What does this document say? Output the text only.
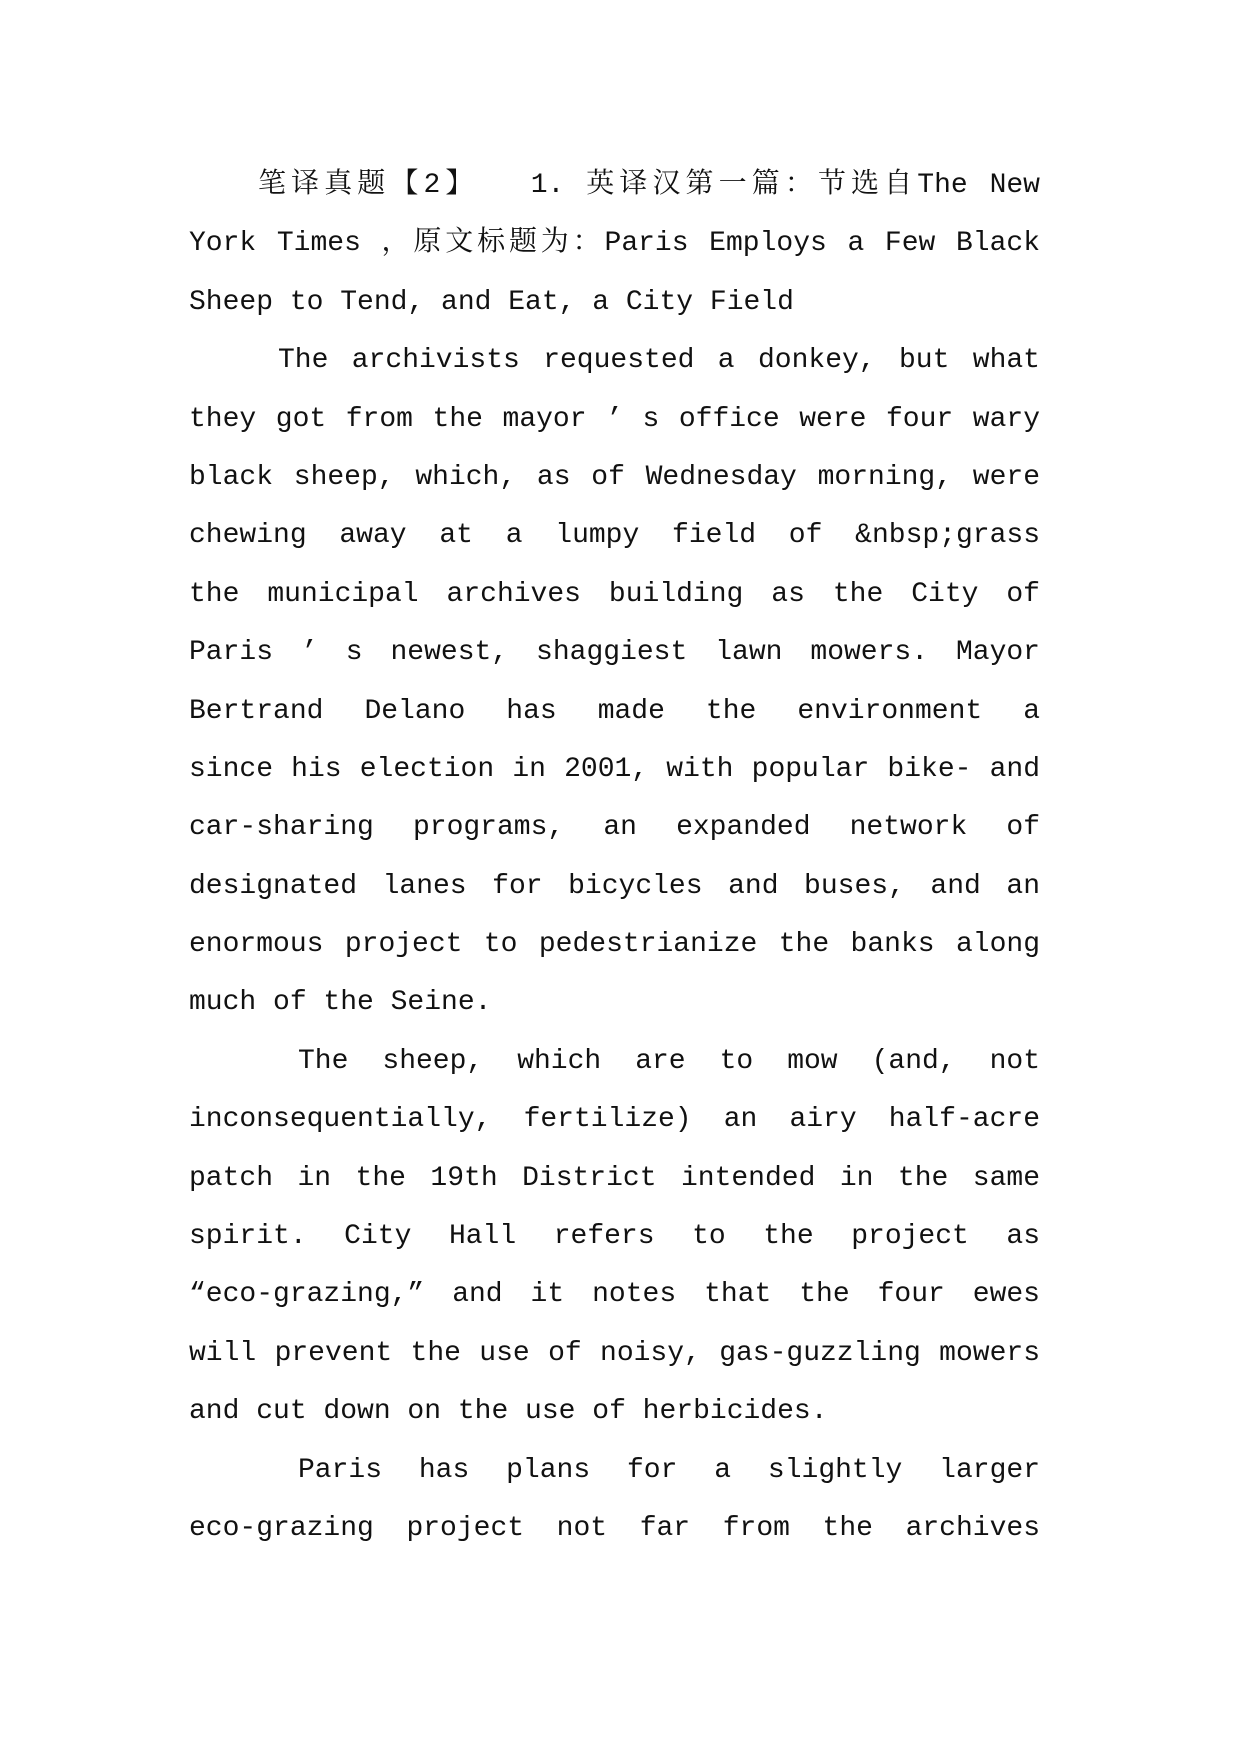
笔译真题【2】　　1. 英译汉第一篇：节选自The New
York Times ，原文标题为：Paris Employs a Few Black
Sheep to Tend, and Eat, a City Field
The archivists requested a donkey, but what
they got from the mayor ’ s office were four wary
black sheep, which, as of Wednesday morning, were
chewing away at a lumpy field of &nbsp;grass
the municipal archives building as the City of
Paris ’ s newest, shaggiest lawn mowers. Mayor
Bertrand Delano has made the environment a
since his election in 2001, with popular bike- and
car-sharing programs, an expanded network of
designated lanes for bicycles and buses, and an
enormous project to pedestrianize the banks along
much of the Seine.
The sheep, which are to mow (and, not
inconsequentially, fertilize) an airy half-acre
patch in the 19th District intended in the same
spirit. City Hall refers to the project as
“eco-grazing,” and it notes that the four ewes
will prevent the use of noisy, gas-guzzling mowers
and cut down on the use of herbicides.
Paris has plans for a slightly larger
eco-grazing project not far from the archives
